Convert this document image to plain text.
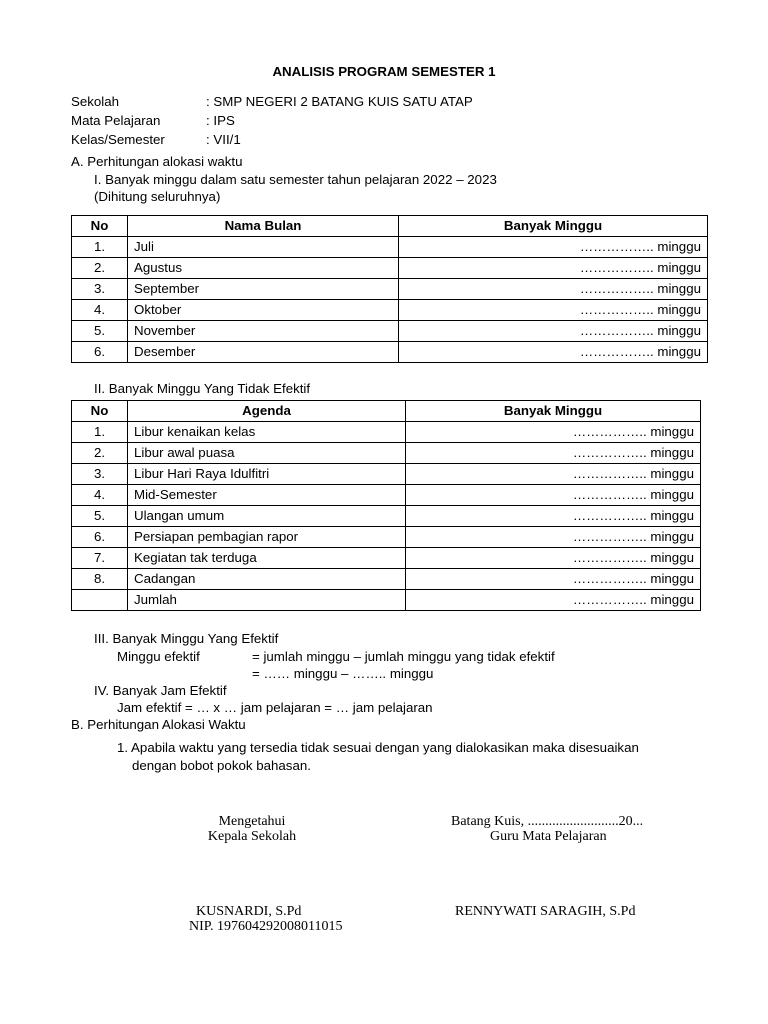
ANALISIS PROGRAM SEMESTER 1
Sekolah	: SMP NEGERI 2 BATANG KUIS SATU ATAP
Mata Pelajaran	: IPS
Kelas/Semester	: VII/1
A. Perhitungan alokasi waktu
I. Banyak minggu dalam satu semester tahun pelajaran 2022 – 2023
(Dihitung seluruhnya)
No	Nama Bulan	Banyak Minggu
1.	Juli	…………….. minggu
2.	Agustus	…………….. minggu
3.	September	…………….. minggu
4.	Oktober	…………….. minggu
5.	November	…………….. minggu
6.	Desember	…………….. minggu
II. Banyak Minggu Yang Tidak Efektif
No	Agenda	Banyak Minggu
1.	Libur kenaikan kelas	…………….. minggu
2.	Libur awal puasa	…………….. minggu
3.	Libur Hari Raya Idulfitri	…………….. minggu
4.	Mid-Semester	…………….. minggu
5.	Ulangan umum	…………….. minggu
6.	Persiapan pembagian rapor	…………….. minggu
7.	Kegiatan tak terduga	…………….. minggu
8.	Cadangan	…………….. minggu
	Jumlah	…………….. minggu
III. Banyak Minggu Yang Efektif
Minggu efektif	= jumlah minggu – jumlah minggu yang tidak efektif
= …… minggu – …….. minggu
IV. Banyak Jam Efektif
Jam efektif = … x … jam pelajaran = … jam pelajaran
B. Perhitungan Alokasi Waktu
1. Apabila waktu yang tersedia tidak sesuai dengan yang dialokasikan maka disesuaikan
dengan bobot pokok bahasan.
Mengetahui
Kepala Sekolah
KUSNARDI, S.Pd
NIP. 197604292008011015
Batang Kuis, ..........................20...
Guru Mata Pelajaran
RENNYWATI SARAGIH, S.Pd
